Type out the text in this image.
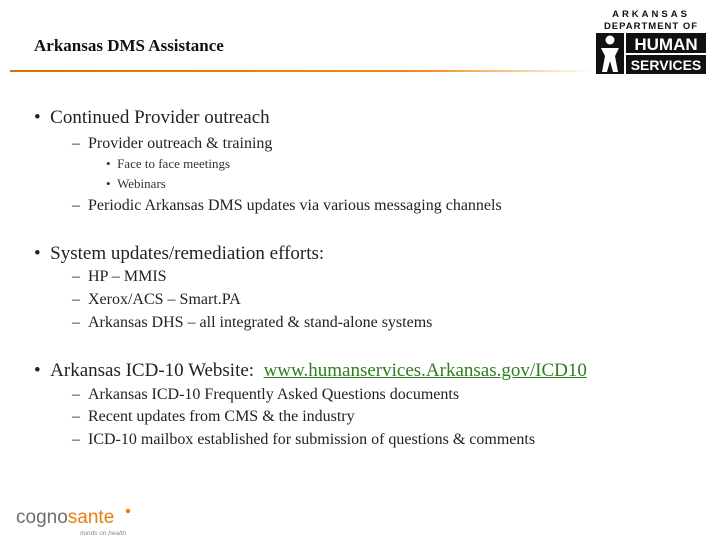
Arkansas DMS Assistance
ARKANSAS
DEPARTMENT OF
HUMAN
SERVICES
• Continued Provider outreach
– Provider outreach & training
• Face to face meetings
• Webinars
– Periodic Arkansas DMS updates via various messaging channels
• System updates/remediation efforts:
– HP – MMIS
– Xerox/ACS – Smart.PA
– Arkansas DHS – all integrated & stand-alone systems
• Arkansas ICD-10 Website: www.humanservices.Arkansas.gov/ICD10
– Arkansas ICD-10 Frequently Asked Questions documents
– Recent updates from CMS & the industry
– ICD-10 mailbox established for submission of questions & comments
cognosante
minds on health
